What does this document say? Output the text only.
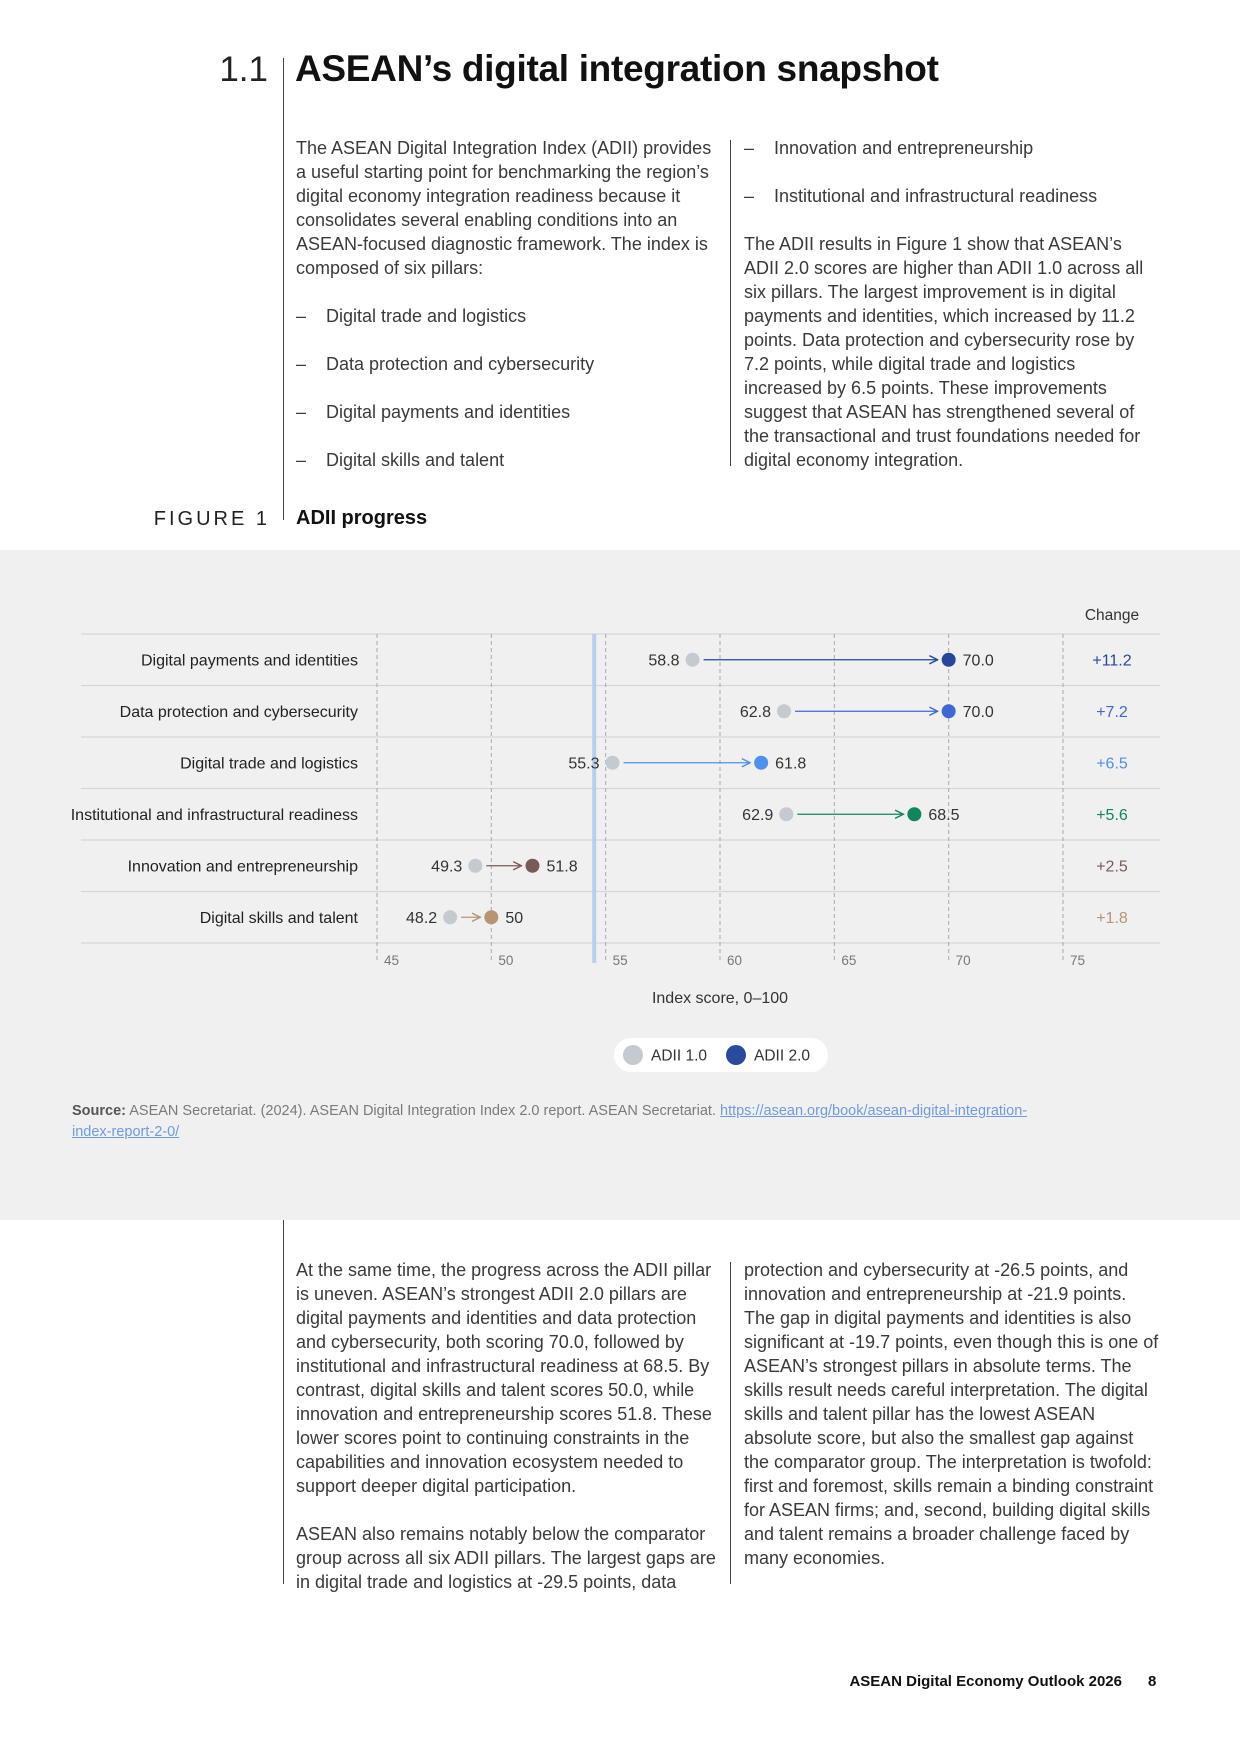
1.1 ASEAN’s digital integration snapshot

The ASEAN Digital Integration Index (ADII) provides a useful starting point for benchmarking the region’s digital economy integration readiness because it consolidates several enabling conditions into an ASEAN-focused diagnostic framework. The index is composed of six pillars:

– Digital trade and logistics
– Data protection and cybersecurity
– Digital payments and identities
– Digital skills and talent
– Innovation and entrepreneurship
– Institutional and infrastructural readiness

The ADII results in Figure 1 show that ASEAN’s ADII 2.0 scores are higher than ADII 1.0 across all six pillars. The largest improvement is in digital payments and identities, which increased by 11.2 points. Data protection and cybersecurity rose by 7.2 points, while digital trade and logistics increased by 6.5 points. These improvements suggest that ASEAN has strengthened several of the transactional and trust foundations needed for digital economy integration.

FIGURE 1 ADII progress
Change
45	50	55	60	65	70	75
Digital payments and identities	58.8	70.0	+11.2
Data protection and cybersecurity	62.8	70.0	+7.2
Digital trade and logistics	55.3	61.8	+6.5
Institutional and infrastructural readiness	62.9	68.5	+5.6
Innovation and entrepreneurship	49.3	51.8	+2.5
Digital skills and talent	48.2	50	+1.8
Index score, 0–100
ADII 1.0	ADII 2.0
Source: ASEAN Secretariat. (2024). ASEAN Digital Integration Index 2.0 report. ASEAN Secretariat. https://asean.org/book/asean-digital-integration-index-report-2-0/

At the same time, the progress across the ADII pillar is uneven. ASEAN’s strongest ADII 2.0 pillars are digital payments and identities and data protection and cybersecurity, both scoring 70.0, followed by institutional and infrastructural readiness at 68.5. By contrast, digital skills and talent scores 50.0, while innovation and entrepreneurship scores 51.8. These lower scores point to continuing constraints in the capabilities and innovation ecosystem needed to support deeper digital participation.

ASEAN also remains notably below the comparator group across all six ADII pillars. The largest gaps are in digital trade and logistics at -29.5 points, data

protection and cybersecurity at -26.5 points, and innovation and entrepreneurship at -21.9 points. The gap in digital payments and identities is also significant at -19.7 points, even though this is one of ASEAN’s strongest pillars in absolute terms. The skills result needs careful interpretation. The digital skills and talent pillar has the lowest ASEAN absolute score, but also the smallest gap against the comparator group. The interpretation is twofold: first and foremost, skills remain a binding constraint for ASEAN firms; and, second, building digital skills and talent remains a broader challenge faced by many economies.

ASEAN Digital Economy Outlook 2026 8
